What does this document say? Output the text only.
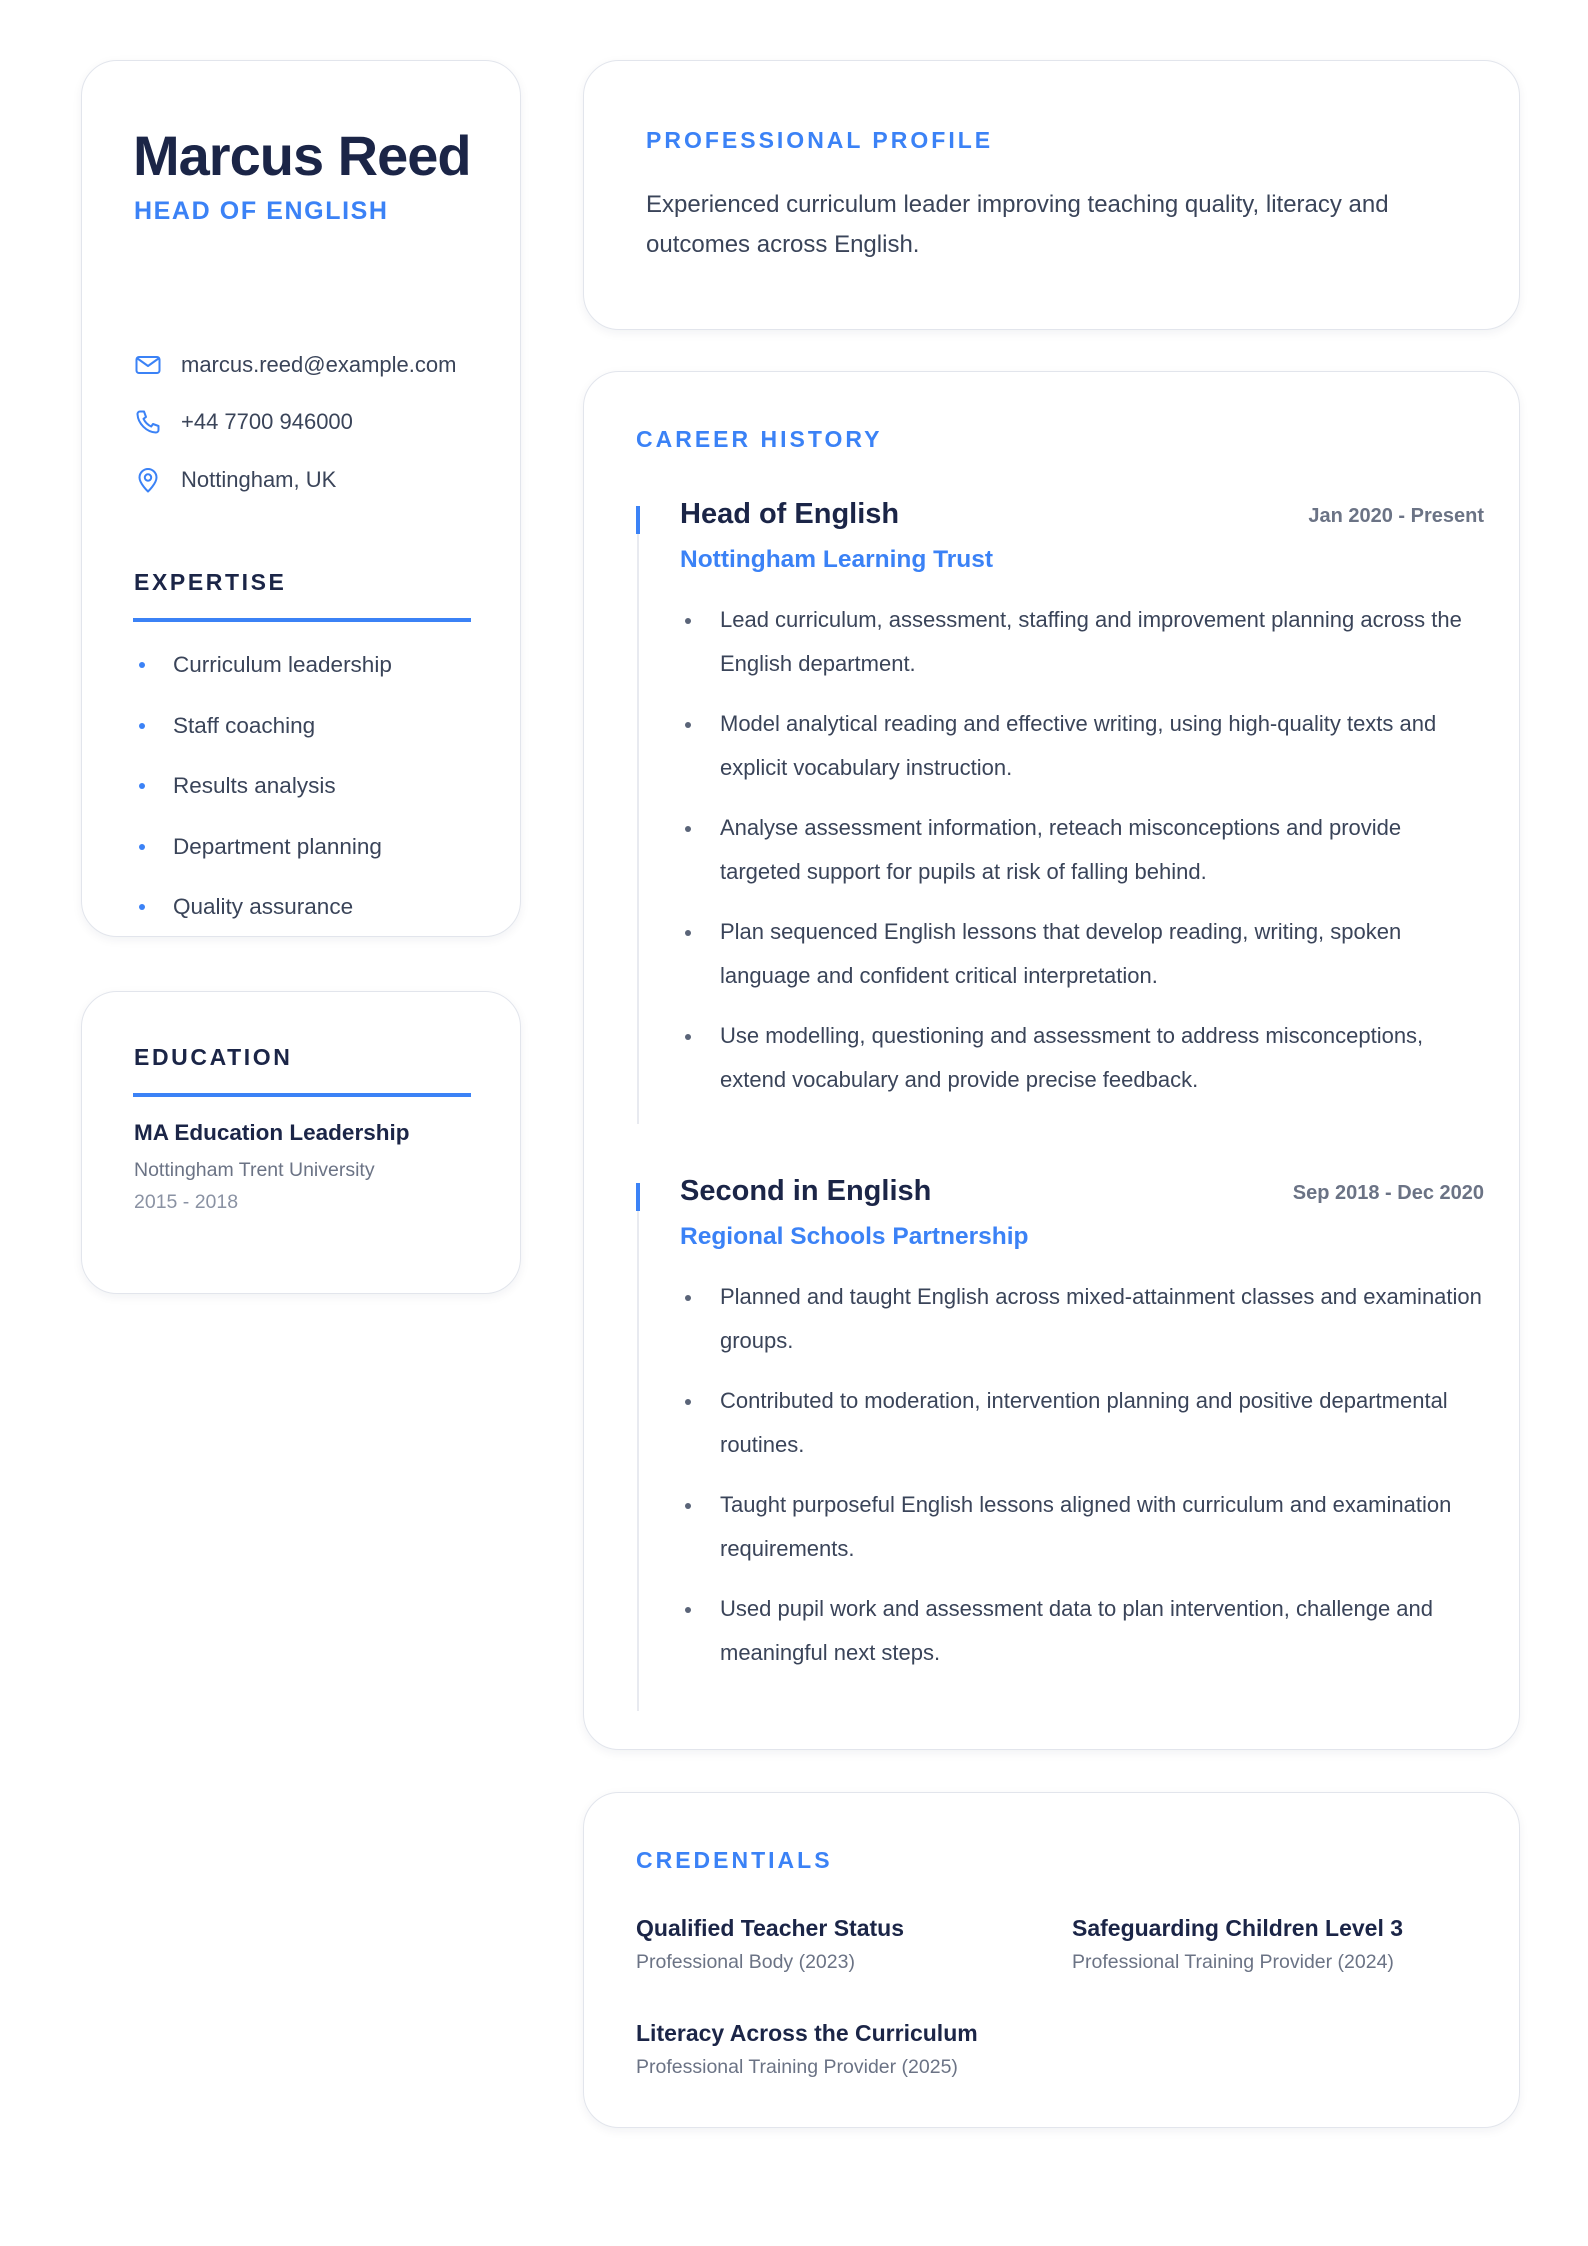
Marcus Reed
HEAD OF ENGLISH
marcus.reed@example.com
+44 7700 946000
Nottingham, UK
EXPERTISE
Curriculum leadership
Staff coaching
Results analysis
Department planning
Quality assurance
EDUCATION
MA Education Leadership
Nottingham Trent University
2015 - 2018
PROFESSIONAL PROFILE
Experienced curriculum leader improving teaching quality, literacy and outcomes across English.
CAREER HISTORY
Head of English	Jan 2020 - Present
Nottingham Learning Trust
Lead curriculum, assessment, staffing and improvement planning across the English department.
Model analytical reading and effective writing, using high-quality texts and explicit vocabulary instruction.
Analyse assessment information, reteach misconceptions and provide targeted support for pupils at risk of falling behind.
Plan sequenced English lessons that develop reading, writing, spoken language and confident critical interpretation.
Use modelling, questioning and assessment to address misconceptions, extend vocabulary and provide precise feedback.
Second in English	Sep 2018 - Dec 2020
Regional Schools Partnership
Planned and taught English across mixed-attainment classes and examination groups.
Contributed to moderation, intervention planning and positive departmental routines.
Taught purposeful English lessons aligned with curriculum and examination requirements.
Used pupil work and assessment data to plan intervention, challenge and meaningful next steps.
CREDENTIALS
Qualified Teacher Status
Professional Body (2023)
Safeguarding Children Level 3
Professional Training Provider (2024)
Literacy Across the Curriculum
Professional Training Provider (2025)
